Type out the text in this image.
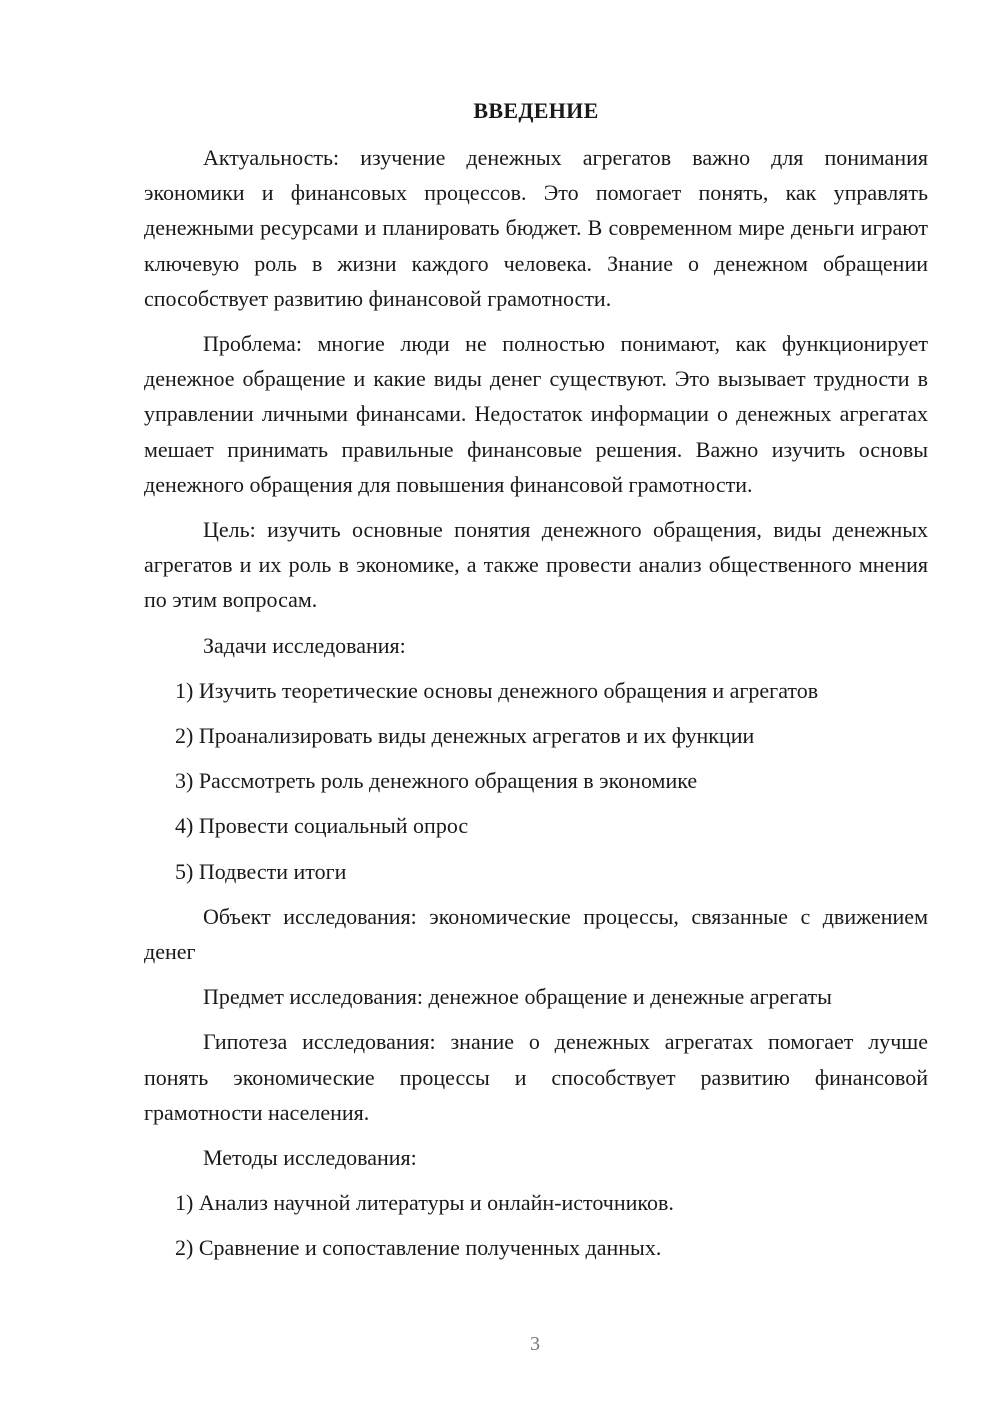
ВВЕДЕНИЕ

Актуальность: изучение денежных агрегатов важно для понимания экономики и финансовых процессов. Это помогает понять, как управлять денежными ресурсами и планировать бюджет. В современном мире деньги играют ключевую роль в жизни каждого человека. Знание о денежном обращении способствует развитию финансовой грамотности.

Проблема: многие люди не полностью понимают, как функционирует денежное обращение и какие виды денег существуют. Это вызывает трудности в управлении личными финансами. Недостаток информации о денежных агрегатах мешает принимать правильные финансовые решения. Важно изучить основы денежного обращения для повышения финансовой грамотности.

Цель: изучить основные понятия денежного обращения, виды денежных агрегатов и их роль в экономике, а также провести анализ общественного мнения по этим вопросам.

Задачи исследования:

1) Изучить теоретические основы денежного обращения и агрегатов
2) Проанализировать виды денежных агрегатов и их функции
3) Рассмотреть роль денежного обращения в экономике
4) Провести социальный опрос
5) Подвести итоги

Объект исследования: экономические процессы, связанные с движением денег

Предмет исследования: денежное обращение и денежные агрегаты

Гипотеза исследования: знание о денежных агрегатах помогает лучше понять экономические процессы и способствует развитию финансовой грамотности населения.

Методы исследования:

1) Анализ научной литературы и онлайн-источников.
2) Сравнение и сопоставление полученных данных.
3
